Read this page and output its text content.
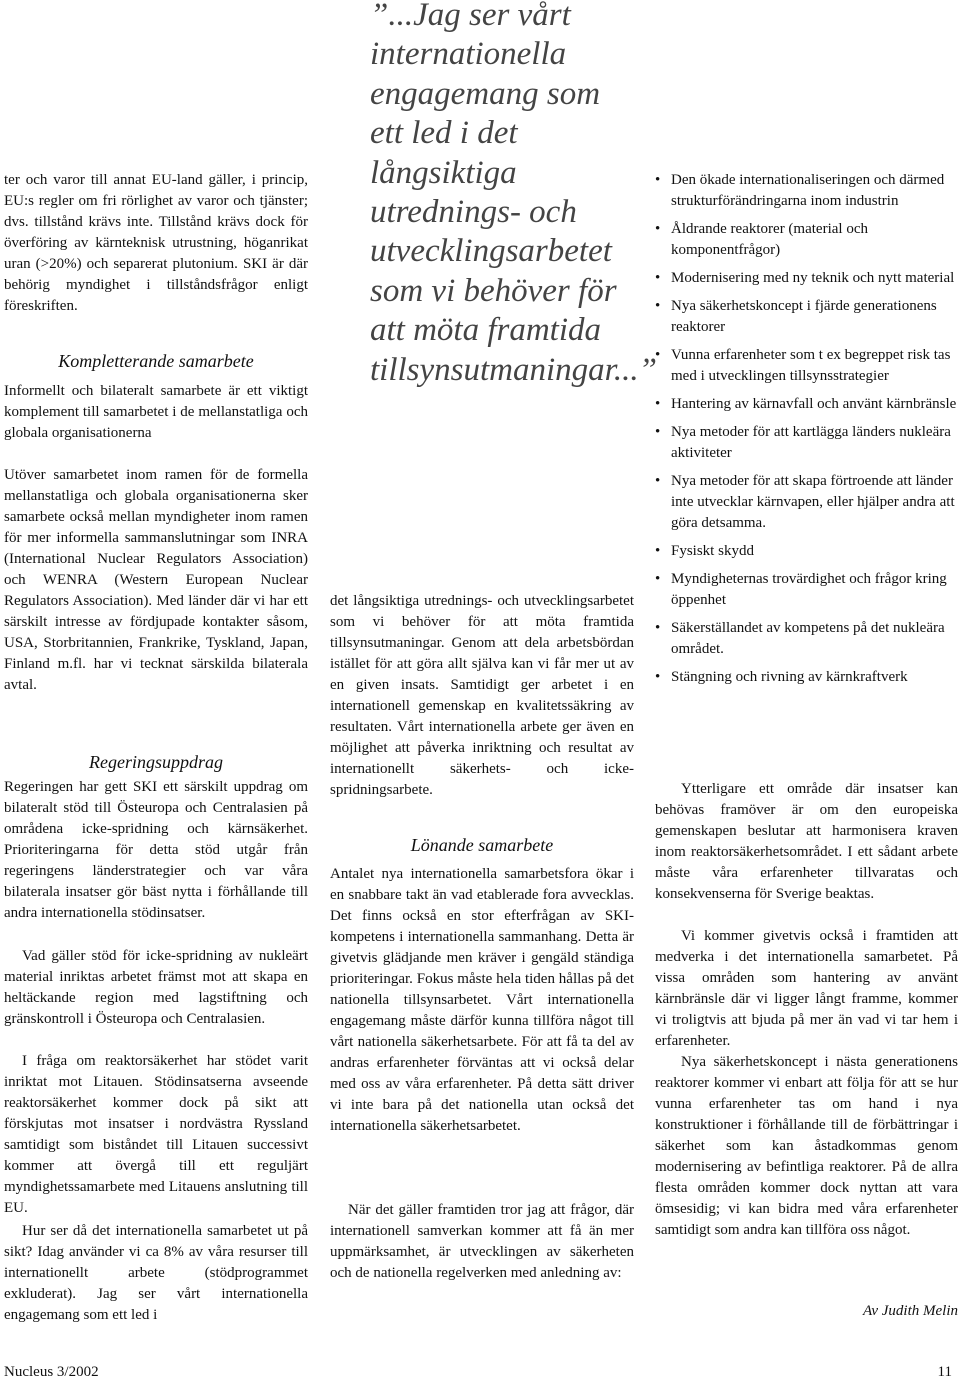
ter och varor till annat EU-land gäller, i princip, EU:s regler om fri rörlighet av varor och tjänster; dvs. tillstånd krävs inte. Tillstånd krävs dock för överföring av kärnteknisk utrustning, höganrikat uran (>20%) och separerat plutonium. SKI är där behörig myndighet i tillståndsfrågor enligt föreskriften.

Kompletterande samarbete

Informellt och bilateralt samarbete är ett viktigt komplement till samarbetet i de mellanstatliga och globala organisationerna

Utöver samarbetet inom ramen för de formella mellanstatliga och globala organisationerna sker samarbete också mellan myndigheter inom ramen för mer informella sammanslutningar som INRA (International Nuclear Regulators Association) och WENRA (Western European Nuclear Regulators Association). Med länder där vi har ett särskilt intresse av fördjupade kontakter såsom, USA, Storbritannien, Frankrike, Tyskland, Japan, Finland m.fl. har vi tecknat särskilda bilaterala avtal.

Regeringsuppdrag

Regeringen har gett SKI ett särskilt uppdrag om bilateralt stöd till Östeuropa och Centralasien på områdena icke-spridning och kärnsäkerhet. Prioriteringarna för detta stöd utgår från regeringens länderstrategier och var våra bilaterala insatser gör bäst nytta i förhållande till andra internationella stödinsatser.

Vad gäller stöd för icke-spridning av nukleärt material inriktas arbetet främst mot att skapa en heltäckande region med lagstiftning och gränskontroll i Östeuropa och Centralasien.

I fråga om reaktorsäkerhet har stödet varit inriktat mot Litauen. Stödinsatserna avseende reaktorsäkerhet kommer dock på sikt att förskjutas mot insatser i nordvästra Ryssland samtidigt som biståndet till Litauen successivt kommer att övergå till ett reguljärt myndighetssamarbete med Litauens anslutning till EU.

Hur ser då det internationella samarbetet ut på sikt? Idag använder vi ca 8% av våra resurser till internationellt arbete (stödprogrammet exkluderat). Jag ser vårt internationella engagemang som ett led i

”...Jag ser vårt internationella engagemang som ett led i det långsiktiga utrednings- och utvecklingsarbetet som vi behöver för att möta framtida tillsynsutmaningar...”

det långsiktiga utrednings- och utvecklingsarbetet som vi behöver för att möta framtida tillsynsutmaningar. Genom att dela arbetsbördan istället för att göra allt själva kan vi får mer ut av en given insats. Samtidigt ger arbetet i en internationell gemenskap en kvalitetssäkring av resultaten. Vårt internationella arbete ger även en möjlighet att påverka inriktning och resultat av internationellt säkerhets- och icke-spridningsarbete.

Lönande samarbete

Antalet nya internationella samarbetsfora ökar i en snabbare takt än vad etablerade fora avvecklas. Det finns också en stor efterfrågan av SKI-kompetens i internationella sammanhang. Detta är givetvis glädjande men kräver i gengäld ständiga prioriteringar. Fokus måste hela tiden hållas på det nationella tillsynsarbetet. Vårt internationella engagemang måste därför kunna tillföra något till vårt nationella säkerhetsarbete. För att få ta del av andras erfarenheter förväntas att vi också delar med oss av våra erfarenheter. På detta sätt driver vi inte bara på det nationella utan också det internationella säkerhetsarbetet.

När det gäller framtiden tror jag att frågor, där internationell samverkan kommer att få än mer uppmärksamhet, är utvecklingen av säkerheten och de nationella regelverken med anledning av:

• Den ökade internationaliseringen och därmed strukturförändringarna inom industrin
• Åldrande reaktorer (material och komponentfrågor)
• Modernisering med ny teknik och nytt material
• Nya säkerhetskoncept i fjärde generationens reaktorer
• Vunna erfarenheter som t ex begreppet risk tas med i utvecklingen tillsynsstrategier
• Hantering av kärnavfall och använt kärnbränsle
• Nya metoder för att kartlägga länders nukleära aktiviteter
• Nya metoder för att skapa förtroende att länder inte utvecklar kärnvapen, eller hjälper andra att göra detsamma.
• Fysiskt skydd
• Myndigheternas trovärdighet och frågor kring öppenhet
• Säkerställandet av kompetens på det nukleära området.
• Stängning och rivning av kärnkraftverk

Ytterligare ett område där insatser kan behövas framöver är om den europeiska gemenskapen beslutar att harmonisera kraven inom reaktorsäkerhetsområdet. I ett sådant arbete måste våra erfarenheter tillvaratas och konsekvenserna för Sverige beaktas.

Vi kommer givetvis också i framtiden att medverka i det internationella samarbetet. På vissa områden som hantering av använt kärnbränsle där vi ligger långt framme, kommer vi troligtvis att bjuda på mer än vad vi tar hem i erfarenheter.

Nya säkerhetskoncept i nästa generationens reaktorer kommer vi enbart att följa för att se hur vunna erfarenheter tas om hand i nya konstruktioner i förhållande till de förbättringar i säkerhet som kan åstadkommas genom modernisering av befintliga reaktorer. På de allra flesta områden kommer dock nyttan att vara ömsesidig; vi kan bidra med våra erfarenheter samtidigt som andra kan tillföra oss något.

Av Judith Melin
Nucleus 3/2002	11
